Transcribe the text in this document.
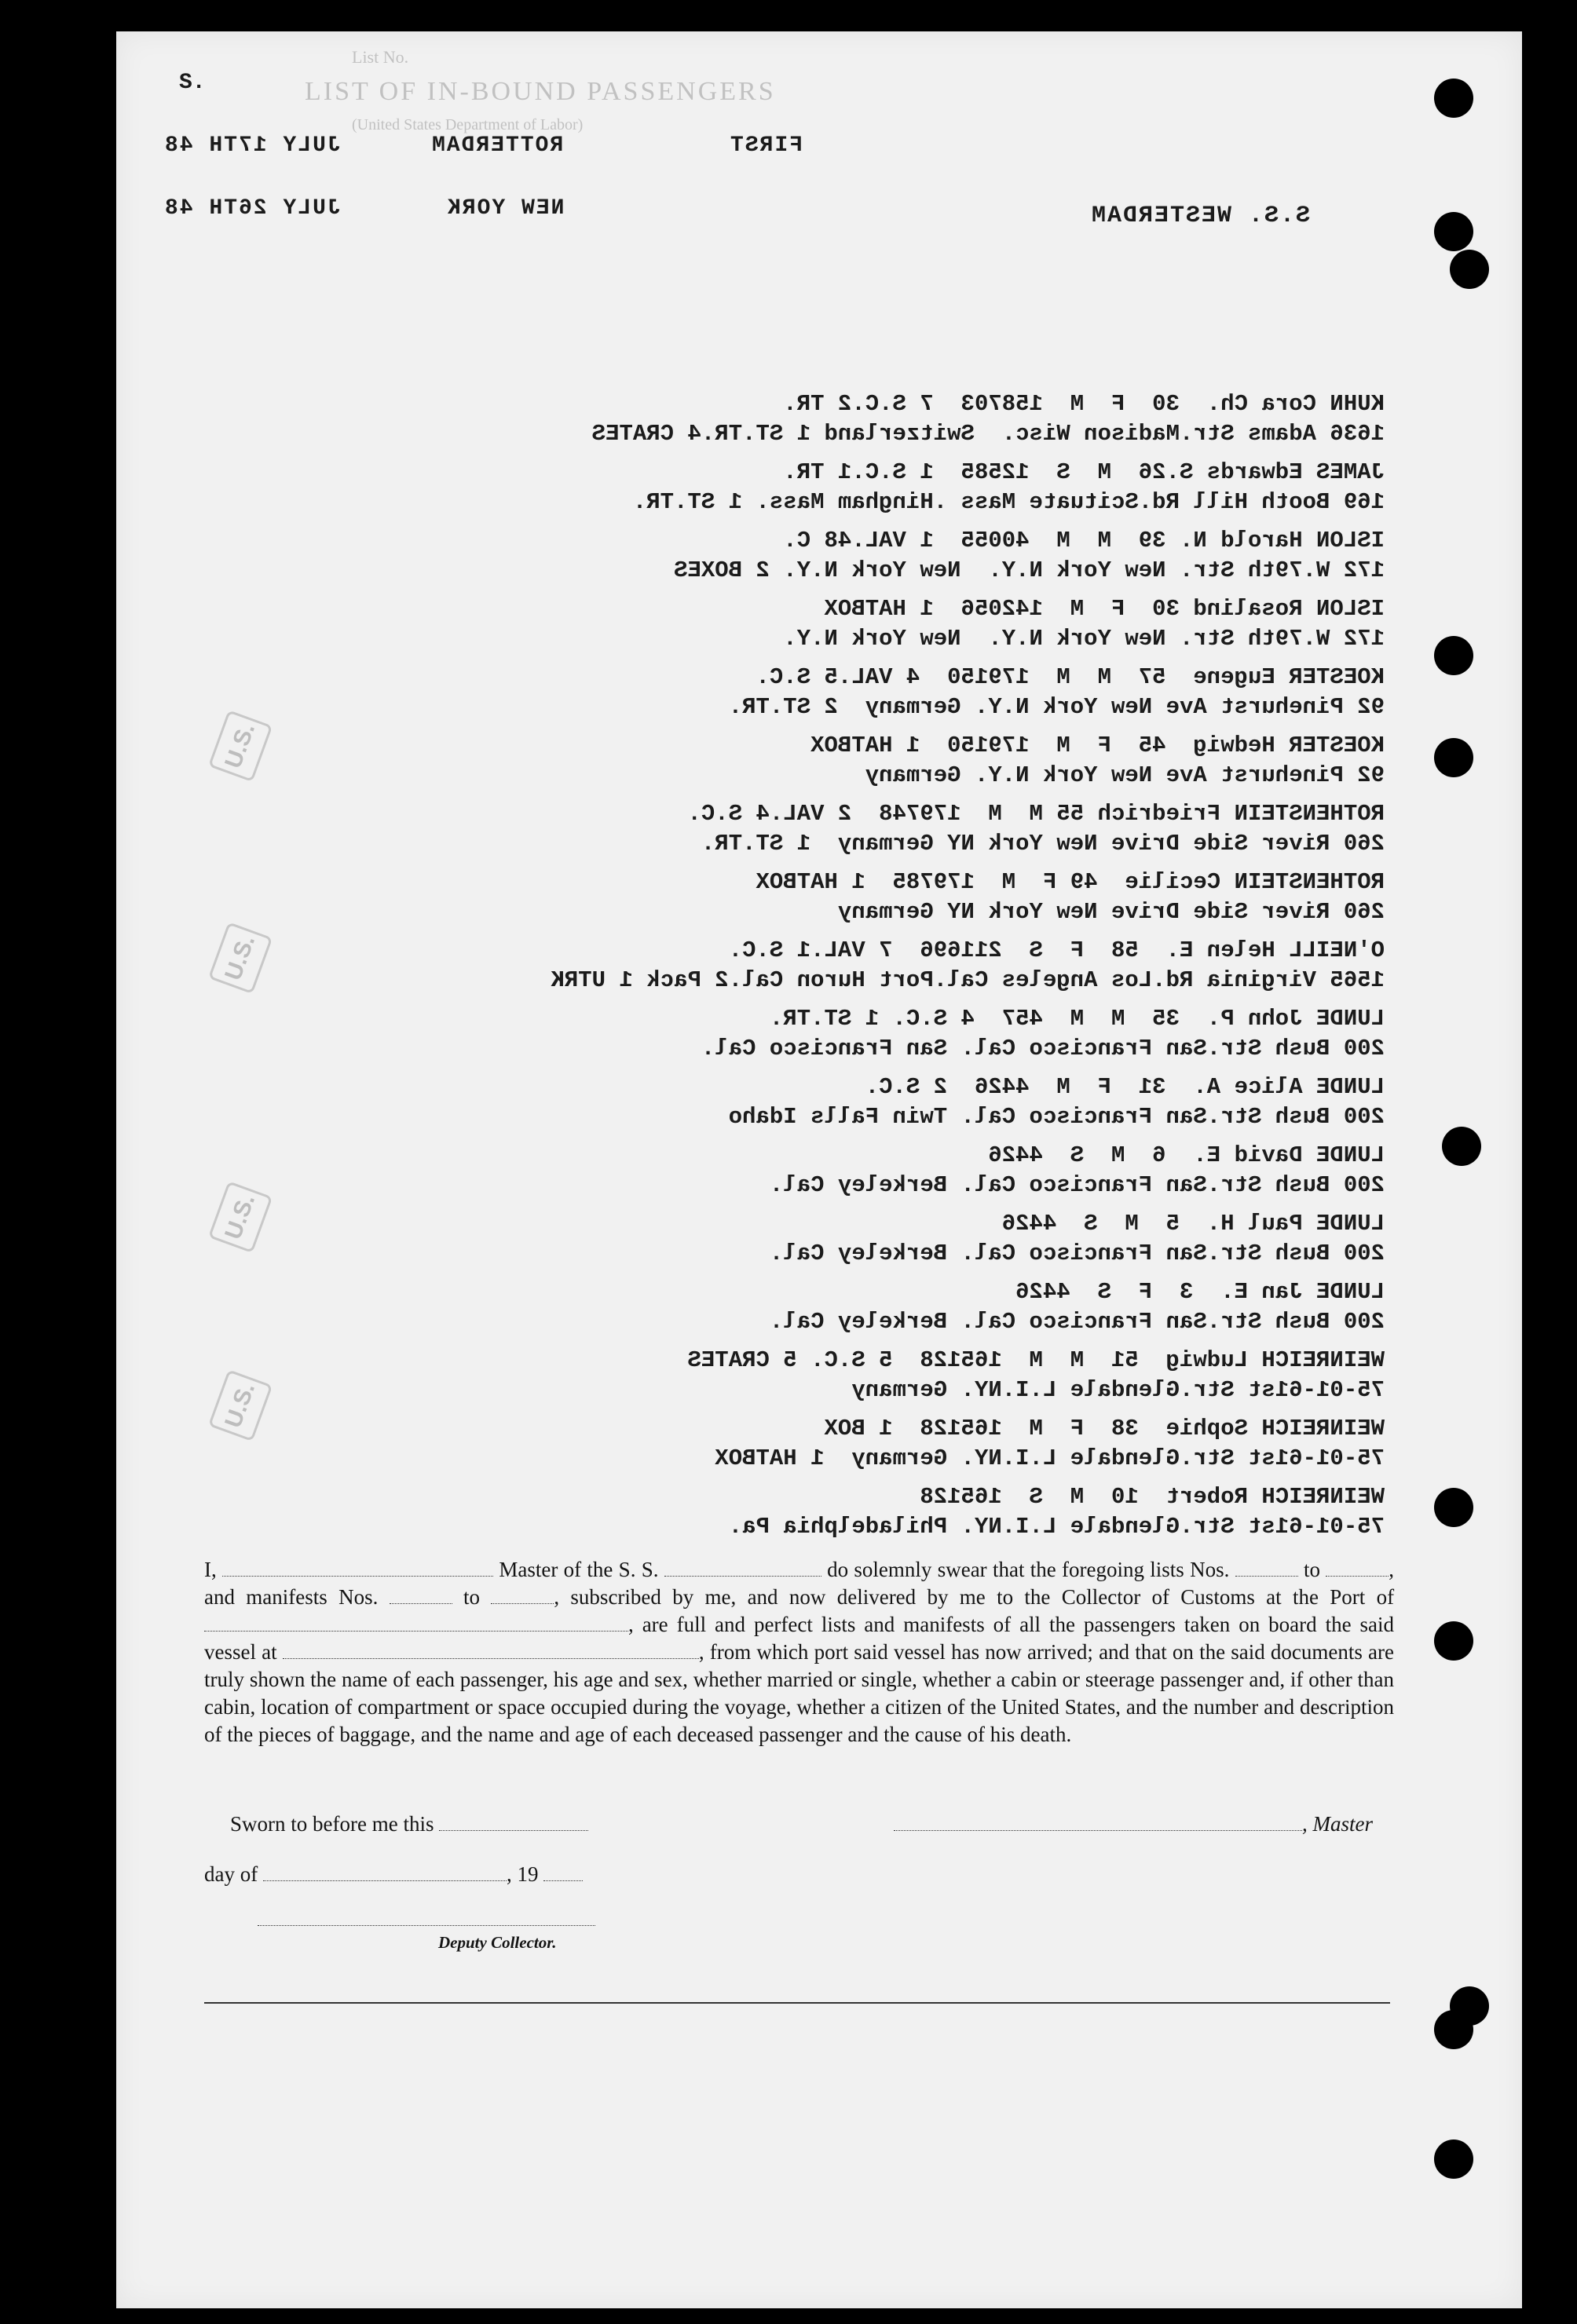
List No.
LIST OF IN-BOUND PASSENGERS
(United States Department of Labor)
S.
JULY 17TH 48	ROTTERDAM	FIRST
JULY 26TH 48	NEW YORK	S.S. WESTERDAM
U.S.
U.S.
U.S.
U.S.
KUHN Cora Ch.  30  F  M  158703  7 S.C.2 TR.
1636 Adams Str.Madison Wisc.  Switzerland 1 ST.TR.4 CRATES
JAMES Edwards S.26  M  S  12585  1 S.C.1 TR.
169 Booth Hill Rd.Scituate Mass .Hingham Mass. 1 ST.TR.
ISLON Harold N. 39  M  M  40055  1 VAL.48 C.
172 W.79th Str. New York N.Y.  New York N.Y. 2 BOXES
ISLON Rosalind 30  F  M  142056  1 HATBOX
172 W.79th Str. New York N.Y.  New York N.Y.
KOESTER Eugene  57  M  M  179150  4 VAL.5 S.C.
92 Pinehurst Ave New York N.Y. Germany  2 ST.TR.
KOESTER Hedwig  45  F  M  179150  1 HATBOX
92 Pinehurst Ave New York N.Y. Germany
ROTHENSTEIN Friedrich 55 M  M  179748  2 VAL.4 S.C.
260 River Side Drive New York NY Germany  1 ST.TR.
ROTHENSTEIN Cecilie  49 F  M  179785  1 HATBOX
260 River Side Drive New York NY Germany
O'NEILL Helen E.  58  F  S  211696  7 VAL.1 S.C.
1565 Virginia Rd.Los Angeles Cal.Port Huron Cal.2 Pack 1 UTRK
LUNDE John P.  35  M  M  457  4 S.C. 1 ST.TR.
200 Bush Str.San Francisco Cal. San Francisco Cal.
LUNDE Alice A.  31  F  M  4426  2 S.C.
200 Bush Str.San Francisco Cal. Twin Falls Idaho
LUNDE David E.  6  M  S  4426
200 Bush Str.San Francisco Cal. Berkeley Cal.
LUNDE Paul H.  5  M  S  4426
200 Bush Str.San Francisco Cal. Berkeley Cal.
LUNDE Jan E.  3  F  S  4426
200 Bush Str.San Francisco Cal. Berkeley Cal.
WEINREICH Ludwig  51  M  M  165128  5 S.C. 5 CRATES
75-01-61st Str.Glendale L.I.NY. Germany
WEINREICH Sophie  38  F  M  165128  1 BOX
75-01-61st Str.Glendale L.I.NY. Germany  1 HATBOX
WEINREICH Robert  10  M  S  165128
75-01-61st Str.Glendale L.I.NY. Philadelphia Pa.
I,	Master of the S. S.	do solemnly swear that the foregoing lists Nos.	to	, and manifests Nos.	to	, subscribed by me, and now delivered by me to the Collector of Customs at the Port of , are full and perfect lists and manifests of all the passengers taken on board the said vessel at	, from which port said vessel has now arrived; and that on the said documents are truly shown the name of each passenger, his age and sex, whether married or single, whether a cabin or steerage passenger and, if other than cabin, location of compartment or space occupied during the voyage, whether a citizen of the United States, and the number and description of the pieces of baggage, and the name and age of each deceased passenger and the cause of his death.
Sworn to before me this	, Master
day of	, 19
Deputy Collector.
